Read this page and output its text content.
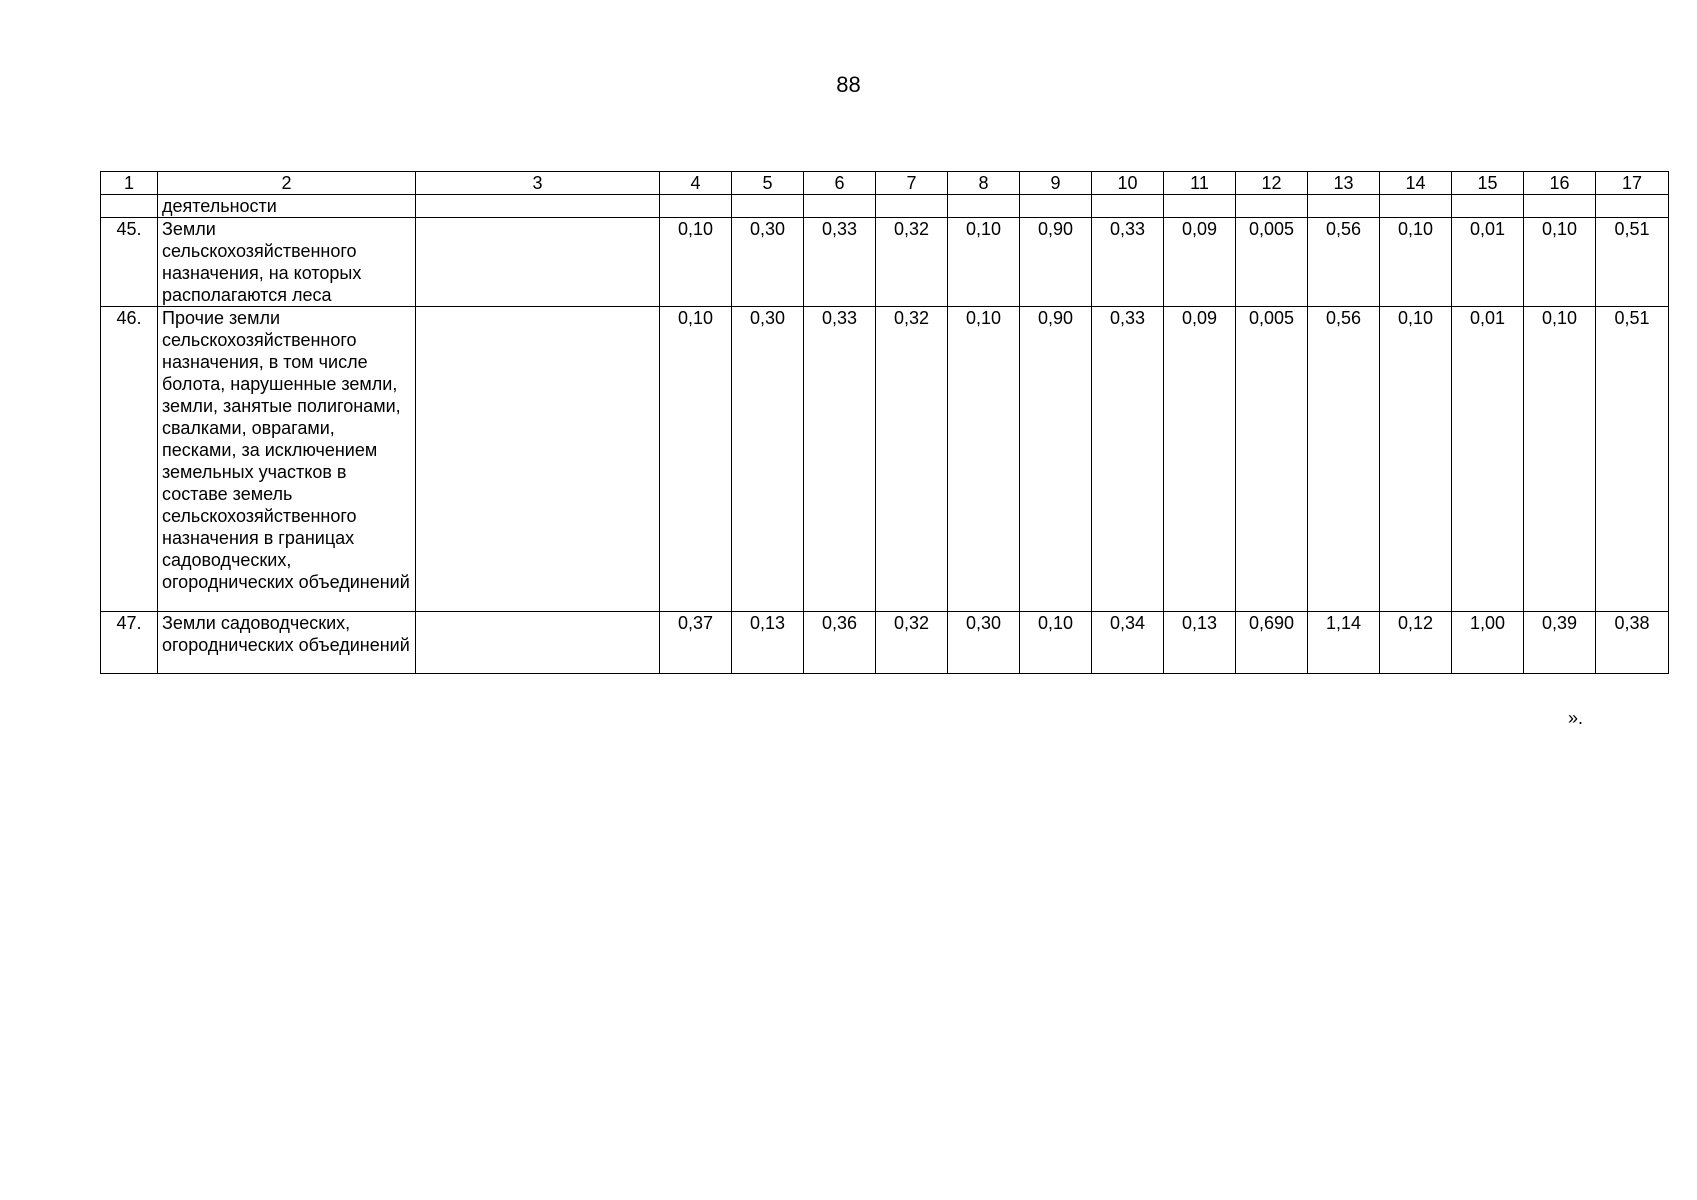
88
1	2	3	4	5	6	7	8	9	10	11	12	13	14	15	16	17
	деятельности															
45.	Земли сельскохозяйственного назначения, на которых располагаются леса		0,10	0,30	0,33	0,32	0,10	0,90	0,33	0,09	0,005	0,56	0,10	0,01	0,10	0,51
46.	Прочие земли сельскохозяйственного назначения, в том числе болота, нарушенные земли, земли, занятые полигонами, свалками, оврагами, песками, за исключением земельных участков в составе земель сельскохозяйственного назначения в границах садоводческих, огороднических объединений		0,10	0,30	0,33	0,32	0,10	0,90	0,33	0,09	0,005	0,56	0,10	0,01	0,10	0,51
47.	Земли садоводческих, огороднических объединений		0,37	0,13	0,36	0,32	0,30	0,10	0,34	0,13	0,690	1,14	0,12	1,00	0,39	0,38
».
